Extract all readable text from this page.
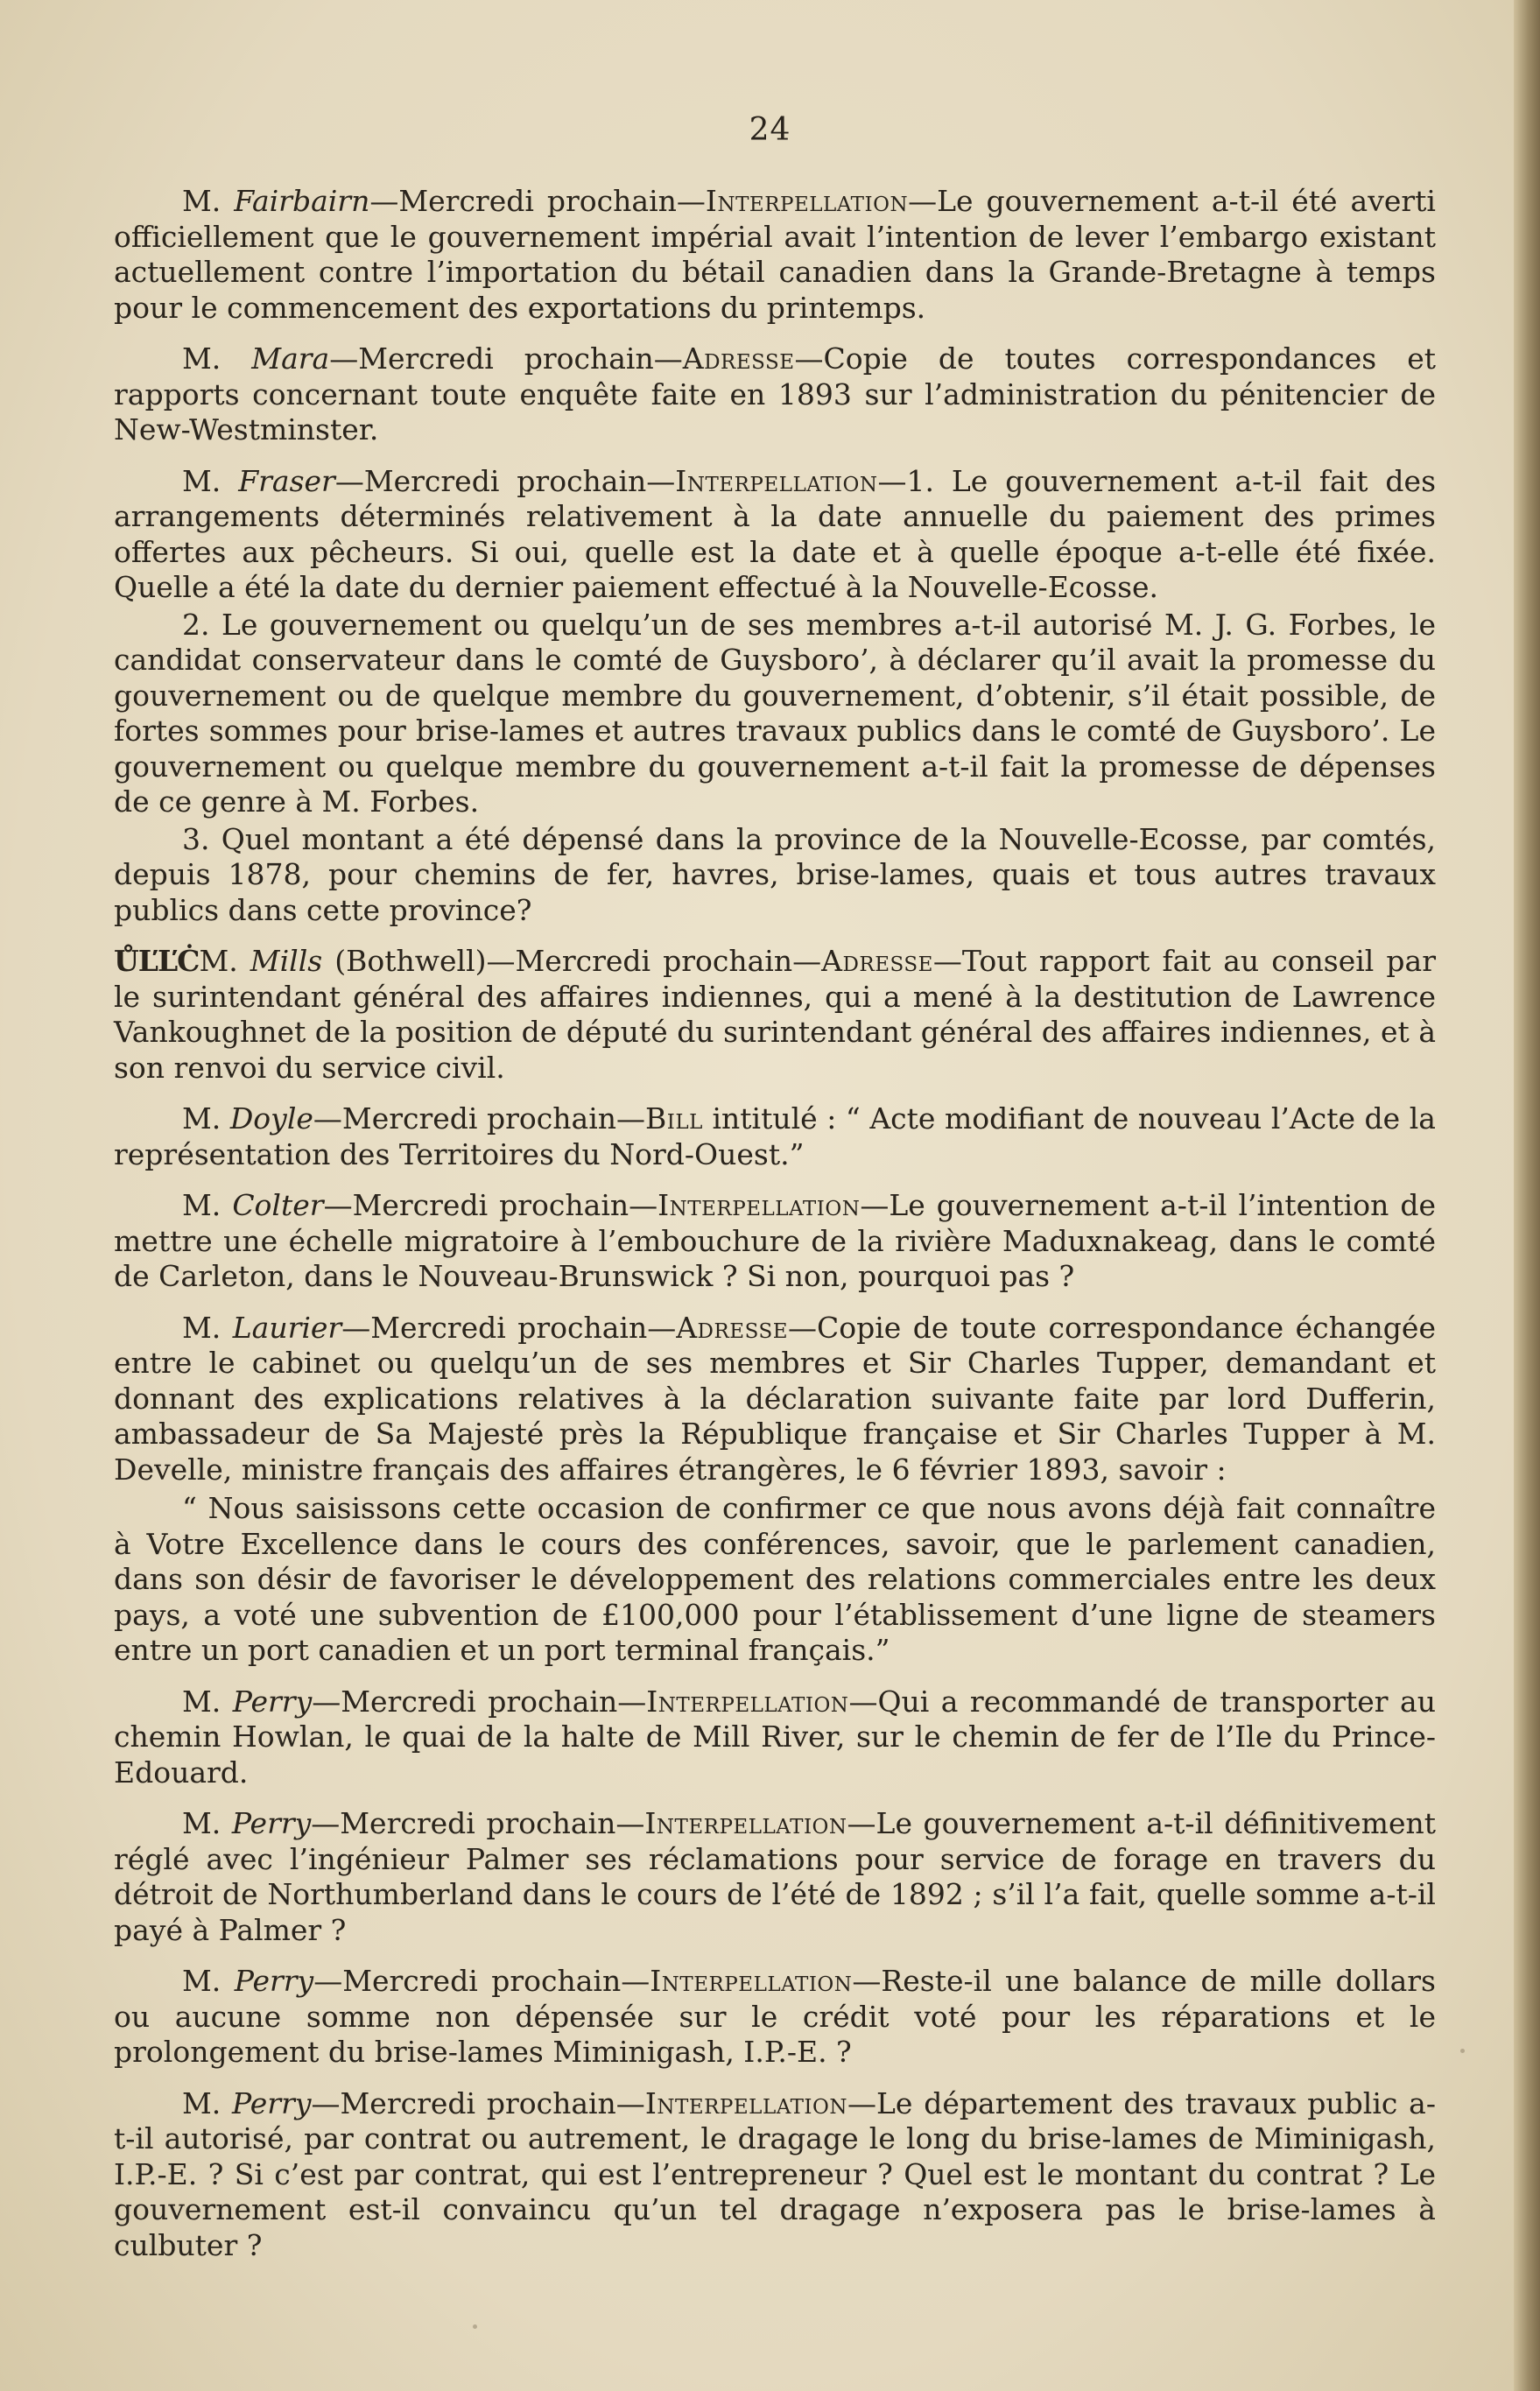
24

M. Fairbairn—Mercredi prochain—Interpellation—Le gouvernement a-t-il été averti officiellement que le gouvernement impérial avait l’intention de lever l’embargo existant actuellement contre l’importation du bétail canadien dans la Grande-Bretagne à temps pour le commencement des exportations du printemps.

M. Mara—Mercredi prochain—Adresse—Copie de toutes correspondances et rapports concernant toute enquête faite en 1893 sur l’administration du pénitencier de New-Westminster.

M. Fraser—Mercredi prochain—Interpellation—1. Le gouvernement a-t-il fait des arrangements déterminés relativement à la date annuelle du paiement des primes offertes aux pêcheurs. Si oui, quelle est la date et à quelle époque a-t-elle été fixée. Quelle a été la date du dernier paiement effectué à la Nouvelle-Ecosse.

2. Le gouvernement ou quelqu’un de ses membres a-t-il autorisé M. J. G. Forbes, le candidat conservateur dans le comté de Guysboro’, à déclarer qu’il avait la promesse du gouvernement ou de quelque membre du gouvernement, d’obtenir, s’il était possible, de fortes sommes pour brise-lames et autres travaux publics dans le comté de Guysboro’. Le gouvernement ou quelque membre du gouvernement a-t-il fait la promesse de dépenses de ce genre à M. Forbes.

3. Quel montant a été dépensé dans la province de la Nouvelle-Ecosse, par comtés, depuis 1878, pour chemins de fer, havres, brise-lames, quais et tous autres travaux publics dans cette province?

ŮĽĽĊM. Mills (Bothwell)—Mercredi prochain—Adresse—Tout rapport fait au conseil par le surintendant général des affaires indiennes, qui a mené à la destitution de Lawrence Vankoughnet de la position de député du surintendant général des affaires indiennes, et à son renvoi du service civil.

M. Doyle—Mercredi prochain—Bill intitulé : “ Acte modifiant de nouveau l’Acte de la représentation des Territoires du Nord-Ouest.”

M. Colter—Mercredi prochain—Interpellation—Le gouvernement a-t-il l’intention de mettre une échelle migratoire à l’embouchure de la rivière Maduxnakeag, dans le comté de Carleton, dans le Nouveau-Brunswick ? Si non, pourquoi pas ?

M. Laurier—Mercredi prochain—Adresse—Copie de toute correspondance échangée entre le cabinet ou quelqu’un de ses membres et Sir Charles Tupper, demandant et donnant des explications relatives à la déclaration suivante faite par lord Dufferin, ambassadeur de Sa Majesté près la République française et Sir Charles Tupper à M. Develle, ministre français des affaires étrangères, le 6 février 1893, savoir :

“ Nous saisissons cette occasion de confirmer ce que nous avons déjà fait connaître à Votre Excellence dans le cours des conférences, savoir, que le parlement canadien, dans son désir de favoriser le développement des relations commerciales entre les deux pays, a voté une subvention de £100,000 pour l’établissement d’une ligne de steamers entre un port canadien et un port terminal français.”

M. Perry—Mercredi prochain—Interpellation—Qui a recommandé de transporter au chemin Howlan, le quai de la halte de Mill River, sur le chemin de fer de l’Ile du Prince-Edouard.

M. Perry—Mercredi prochain—Interpellation—Le gouvernement a-t-il définitivement réglé avec l’ingénieur Palmer ses réclamations pour service de forage en travers du détroit de Northumberland dans le cours de l’été de 1892 ; s’il l’a fait, quelle somme a-t-il payé à Palmer ?

M. Perry—Mercredi prochain—Interpellation—Reste-il une balance de mille dollars ou aucune somme non dépensée sur le crédit voté pour les réparations et le prolongement du brise-lames Miminigash, I.P.-E. ?

M. Perry—Mercredi prochain—Interpellation—Le département des travaux public a-t-il autorisé, par contrat ou autrement, le dragage le long du brise-lames de Miminigash, I.P.-E. ? Si c’est par contrat, qui est l’entrepreneur ? Quel est le montant du contrat ? Le gouvernement est-il convaincu qu’un tel dragage n’exposera pas le brise-lames à culbuter ?
